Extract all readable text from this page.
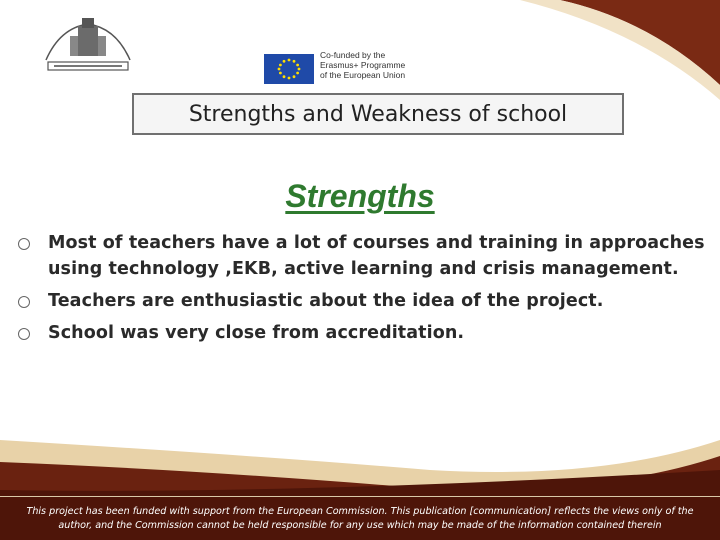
Co-funded by the
Erasmus+ Programme
of the European Union
Strengths and Weakness of school
Strengths
Most of teachers have a lot of courses and training in approaches using technology ,EKB, active learning and crisis management.
Teachers are enthusiastic about the idea of the project.
School was very close from accreditation.
This project has been funded with support from the European Commission. This publication [communication] reflects the views only of the
author, and the Commission cannot be held responsible for any use which may be made of the information contained therein
